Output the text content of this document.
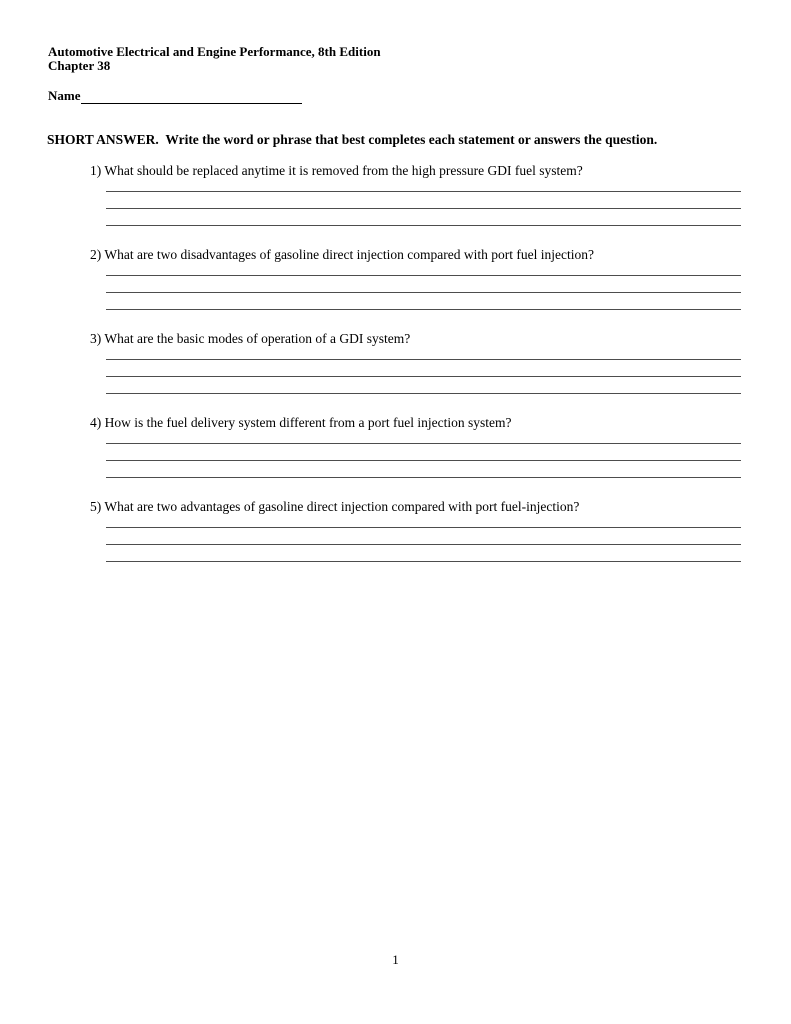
Automotive Electrical and Engine Performance, 8th Edition
Chapter 38
Name
SHORT ANSWER.  Write the word or phrase that best completes each statement or answers the question.
1) What should be replaced anytime it is removed from the high pressure GDI fuel system?
2) What are two disadvantages of gasoline direct injection compared with port fuel injection?
3) What are the basic modes of operation of a GDI system?
4) How is the fuel delivery system different from a port fuel injection system?
5) What are two advantages of gasoline direct injection compared with port fuel-injection?
1
